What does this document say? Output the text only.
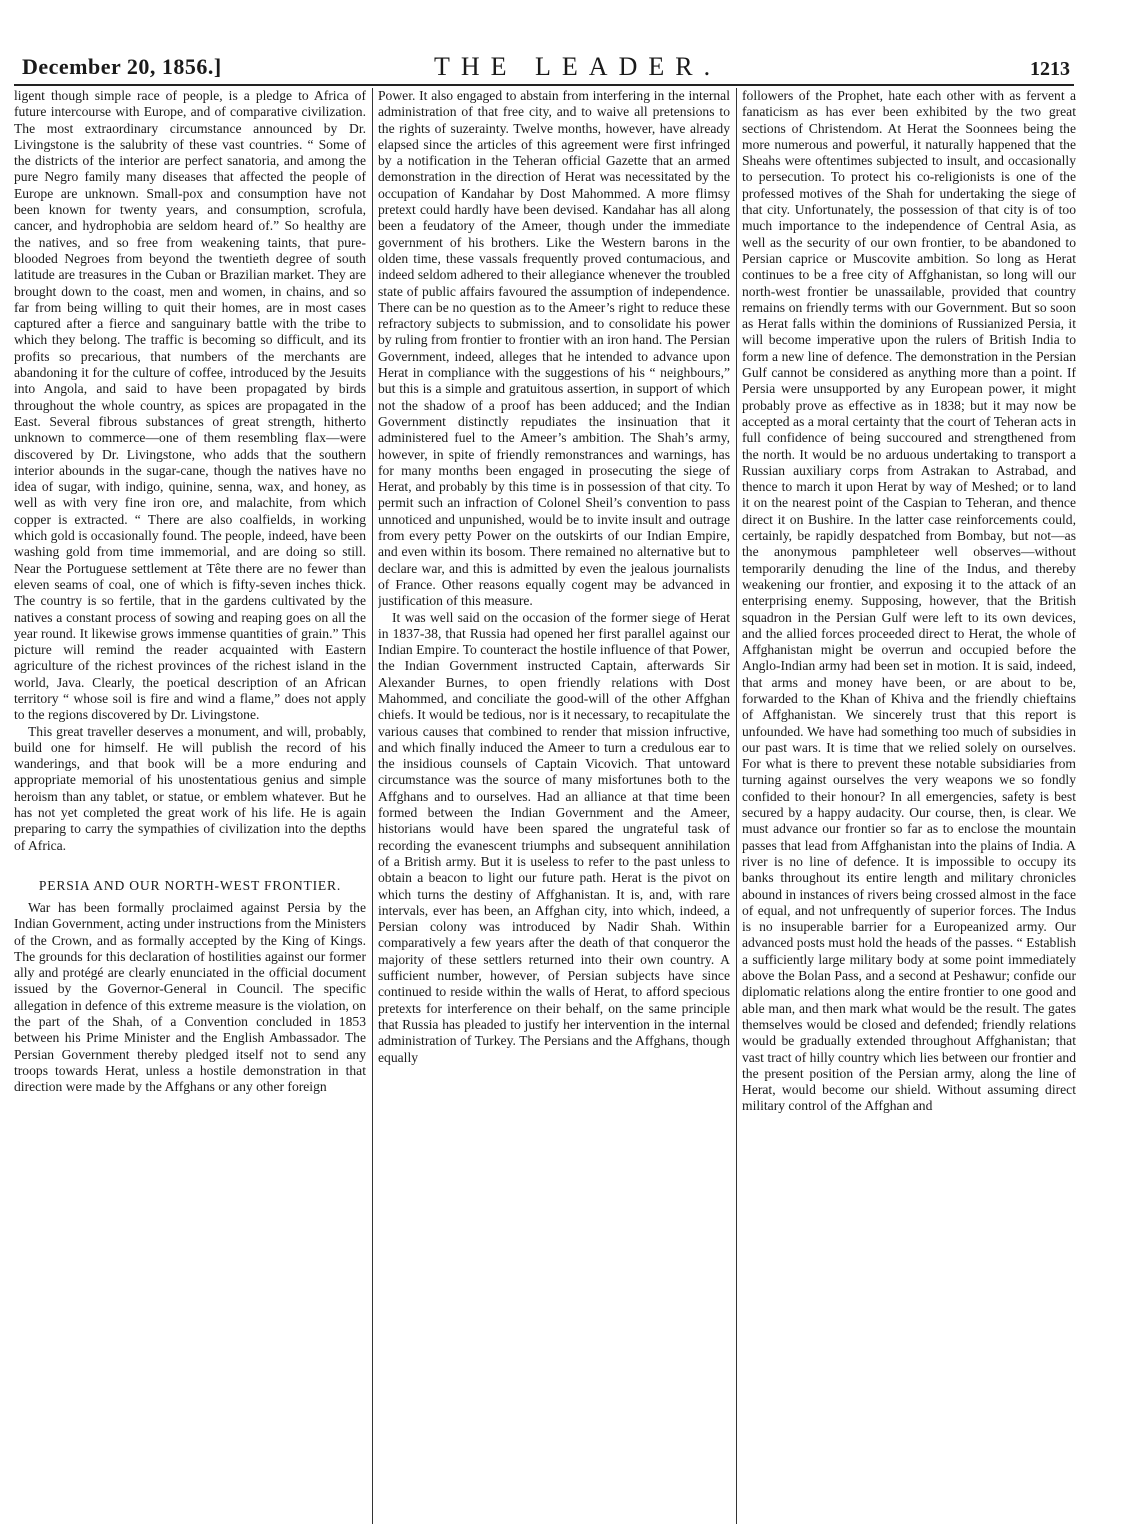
December 20, 1856.]	THE LEADER.	1213

ligent though simple race of people, is a pledge to Africa of future intercourse with Europe, and of comparative civilization. The most extraordinary circumstance announced by Dr. Livingstone is the salubrity of these vast countries. “ Some of the districts of the interior are perfect sanatoria, and among the pure Negro family many diseases that affected the people of Europe are unknown. Small-pox and consumption have not been known for twenty years, and consumption, scrofula, cancer, and hydrophobia are seldom heard of.” So healthy are the natives, and so free from weakening taints, that pure-blooded Negroes from beyond the twentieth degree of south latitude are treasures in the Cuban or Brazilian market. They are brought down to the coast, men and women, in chains, and so far from being willing to quit their homes, are in most cases captured after a fierce and sanguinary battle with the tribe to which they belong. The traffic is becoming so difficult, and its profits so precarious, that numbers of the merchants are abandoning it for the culture of coffee, introduced by the Jesuits into Angola, and said to have been propagated by birds throughout the whole country, as spices are propagated in the East. Several fibrous substances of great strength, hitherto unknown to commerce—one of them resembling flax—were discovered by Dr. Livingstone, who adds that the southern interior abounds in the sugar-cane, though the natives have no idea of sugar, with indigo, quinine, senna, wax, and honey, as well as with very fine iron ore, and malachite, from which copper is extracted. “ There are also coalfields, in working which gold is occasionally found. The people, indeed, have been washing gold from time immemorial, and are doing so still. Near the Portuguese settlement at Tête there are no fewer than eleven seams of coal, one of which is fifty-seven inches thick. The country is so fertile, that in the gardens cultivated by the natives a constant process of sowing and reaping goes on all the year round. It likewise grows immense quantities of grain.” This picture will remind the reader acquainted with Eastern agriculture of the richest provinces of the richest island in the world, Java. Clearly, the poetical description of an African territory “ whose soil is fire and wind a flame,” does not apply to the regions discovered by Dr. Livingstone.

This great traveller deserves a monument, and will, probably, build one for himself. He will publish the record of his wanderings, and that book will be a more enduring and appropriate memorial of his unostentatious genius and simple heroism than any tablet, or statue, or emblem whatever. But he has not yet completed the great work of his life. He is again preparing to carry the sympathies of civilization into the depths of Africa.

PERSIA AND OUR NORTH-WEST FRONTIER.

War has been formally proclaimed against Persia by the Indian Government, acting under instructions from the Ministers of the Crown, and as formally accepted by the King of Kings. The grounds for this declaration of hostilities against our former ally and protégé are clearly enunciated in the official document issued by the Governor-General in Council. The specific allegation in defence of this extreme measure is the violation, on the part of the Shah, of a Convention concluded in 1853 between his Prime Minister and the English Ambassador. The Persian Government thereby pledged itself not to send any troops towards Herat, unless a hostile demonstration in that direction were made by the Affghans or any other foreign

Power. It also engaged to abstain from interfering in the internal administration of that free city, and to waive all pretensions to the rights of suzerainty. Twelve months, however, have already elapsed since the articles of this agreement were first infringed by a notification in the Teheran official Gazette that an armed demonstration in the direction of Herat was necessitated by the occupation of Kandahar by Dost Mahommed. A more flimsy pretext could hardly have been devised. Kandahar has all along been a feudatory of the Ameer, though under the immediate government of his brothers. Like the Western barons in the olden time, these vassals frequently proved contumacious, and indeed seldom adhered to their allegiance whenever the troubled state of public affairs favoured the assumption of independence. There can be no question as to the Ameer’s right to reduce these refractory subjects to submission, and to consolidate his power by ruling from frontier to frontier with an iron hand. The Persian Government, indeed, alleges that he intended to advance upon Herat in compliance with the suggestions of his “ neighbours,” but this is a simple and gratuitous assertion, in support of which not the shadow of a proof has been adduced; and the Indian Government distinctly repudiates the insinuation that it administered fuel to the Ameer’s ambition. The Shah’s army, however, in spite of friendly remonstrances and warnings, has for many months been engaged in prosecuting the siege of Herat, and probably by this time is in possession of that city. To permit such an infraction of Colonel Sheil’s convention to pass unnoticed and unpunished, would be to invite insult and outrage from every petty Power on the outskirts of our Indian Empire, and even within its bosom. There remained no alternative but to declare war, and this is admitted by even the jealous journalists of France. Other reasons equally cogent may be advanced in justification of this measure.

It was well said on the occasion of the former siege of Herat in 1837-38, that Russia had opened her first parallel against our Indian Empire. To counteract the hostile influence of that Power, the Indian Government instructed Captain, afterwards Sir Alexander Burnes, to open friendly relations with Dost Mahommed, and conciliate the good-will of the other Affghan chiefs. It would be tedious, nor is it necessary, to recapitulate the various causes that combined to render that mission infructive, and which finally induced the Ameer to turn a credulous ear to the insidious counsels of Captain Vicovich. That untoward circumstance was the source of many misfortunes both to the Affghans and to ourselves. Had an alliance at that time been formed between the Indian Government and the Ameer, historians would have been spared the ungrateful task of recording the evanescent triumphs and subsequent annihilation of a British army. But it is useless to refer to the past unless to obtain a beacon to light our future path. Herat is the pivot on which turns the destiny of Affghanistan. It is, and, with rare intervals, ever has been, an Affghan city, into which, indeed, a Persian colony was introduced by Nadir Shah. Within comparatively a few years after the death of that conqueror the majority of these settlers returned into their own country. A sufficient number, however, of Persian subjects have since continued to reside within the walls of Herat, to afford specious pretexts for interference on their behalf, on the same principle that Russia has pleaded to justify her intervention in the internal administration of Turkey. The Persians and the Affghans, though equally

followers of the Prophet, hate each other with as fervent a fanaticism as has ever been exhibited by the two great sections of Christendom. At Herat the Soonnees being the more numerous and powerful, it naturally happened that the Sheahs were oftentimes subjected to insult, and occasionally to persecution. To protect his co-religionists is one of the professed motives of the Shah for undertaking the siege of that city. Unfortunately, the possession of that city is of too much importance to the independence of Central Asia, as well as the security of our own frontier, to be abandoned to Persian caprice or Muscovite ambition. So long as Herat continues to be a free city of Affghanistan, so long will our north-west frontier be unassailable, provided that country remains on friendly terms with our Government. But so soon as Herat falls within the dominions of Russianized Persia, it will become imperative upon the rulers of British India to form a new line of defence. The demonstration in the Persian Gulf cannot be considered as anything more than a point. If Persia were unsupported by any European power, it might probably prove as effective as in 1838; but it may now be accepted as a moral certainty that the court of Teheran acts in full confidence of being succoured and strengthened from the north. It would be no arduous undertaking to transport a Russian auxiliary corps from Astrakan to Astrabad, and thence to march it upon Herat by way of Meshed; or to land it on the nearest point of the Caspian to Teheran, and thence direct it on Bushire. In the latter case reinforcements could, certainly, be rapidly despatched from Bombay, but not—as the anonymous pamphleteer well observes—without temporarily denuding the line of the Indus, and thereby weakening our frontier, and exposing it to the attack of an enterprising enemy. Supposing, however, that the British squadron in the Persian Gulf were left to its own devices, and the allied forces proceeded direct to Herat, the whole of Affghanistan might be overrun and occupied before the Anglo-Indian army had been set in motion. It is said, indeed, that arms and money have been, or are about to be, forwarded to the Khan of Khiva and the friendly chieftains of Affghanistan. We sincerely trust that this report is unfounded. We have had something too much of subsidies in our past wars. It is time that we relied solely on ourselves. For what is there to prevent these notable subsidiaries from turning against ourselves the very weapons we so fondly confided to their honour? In all emergencies, safety is best secured by a happy audacity. Our course, then, is clear. We must advance our frontier so far as to enclose the mountain passes that lead from Affghanistan into the plains of India. A river is no line of defence. It is impossible to occupy its banks throughout its entire length and military chronicles abound in instances of rivers being crossed almost in the face of equal, and not unfrequently of superior forces. The Indus is no insuperable barrier for a Europeanized army. Our advanced posts must hold the heads of the passes. “ Establish a sufficiently large military body at some point immediately above the Bolan Pass, and a second at Peshawur; confide our diplomatic relations along the entire frontier to one good and able man, and then mark what would be the result. The gates themselves would be closed and defended; friendly relations would be gradually extended throughout Affghanistan; that vast tract of hilly country which lies between our frontier and the present position of the Persian army, along the line of Herat, would become our shield. Without assuming direct military control of the Affghan and
